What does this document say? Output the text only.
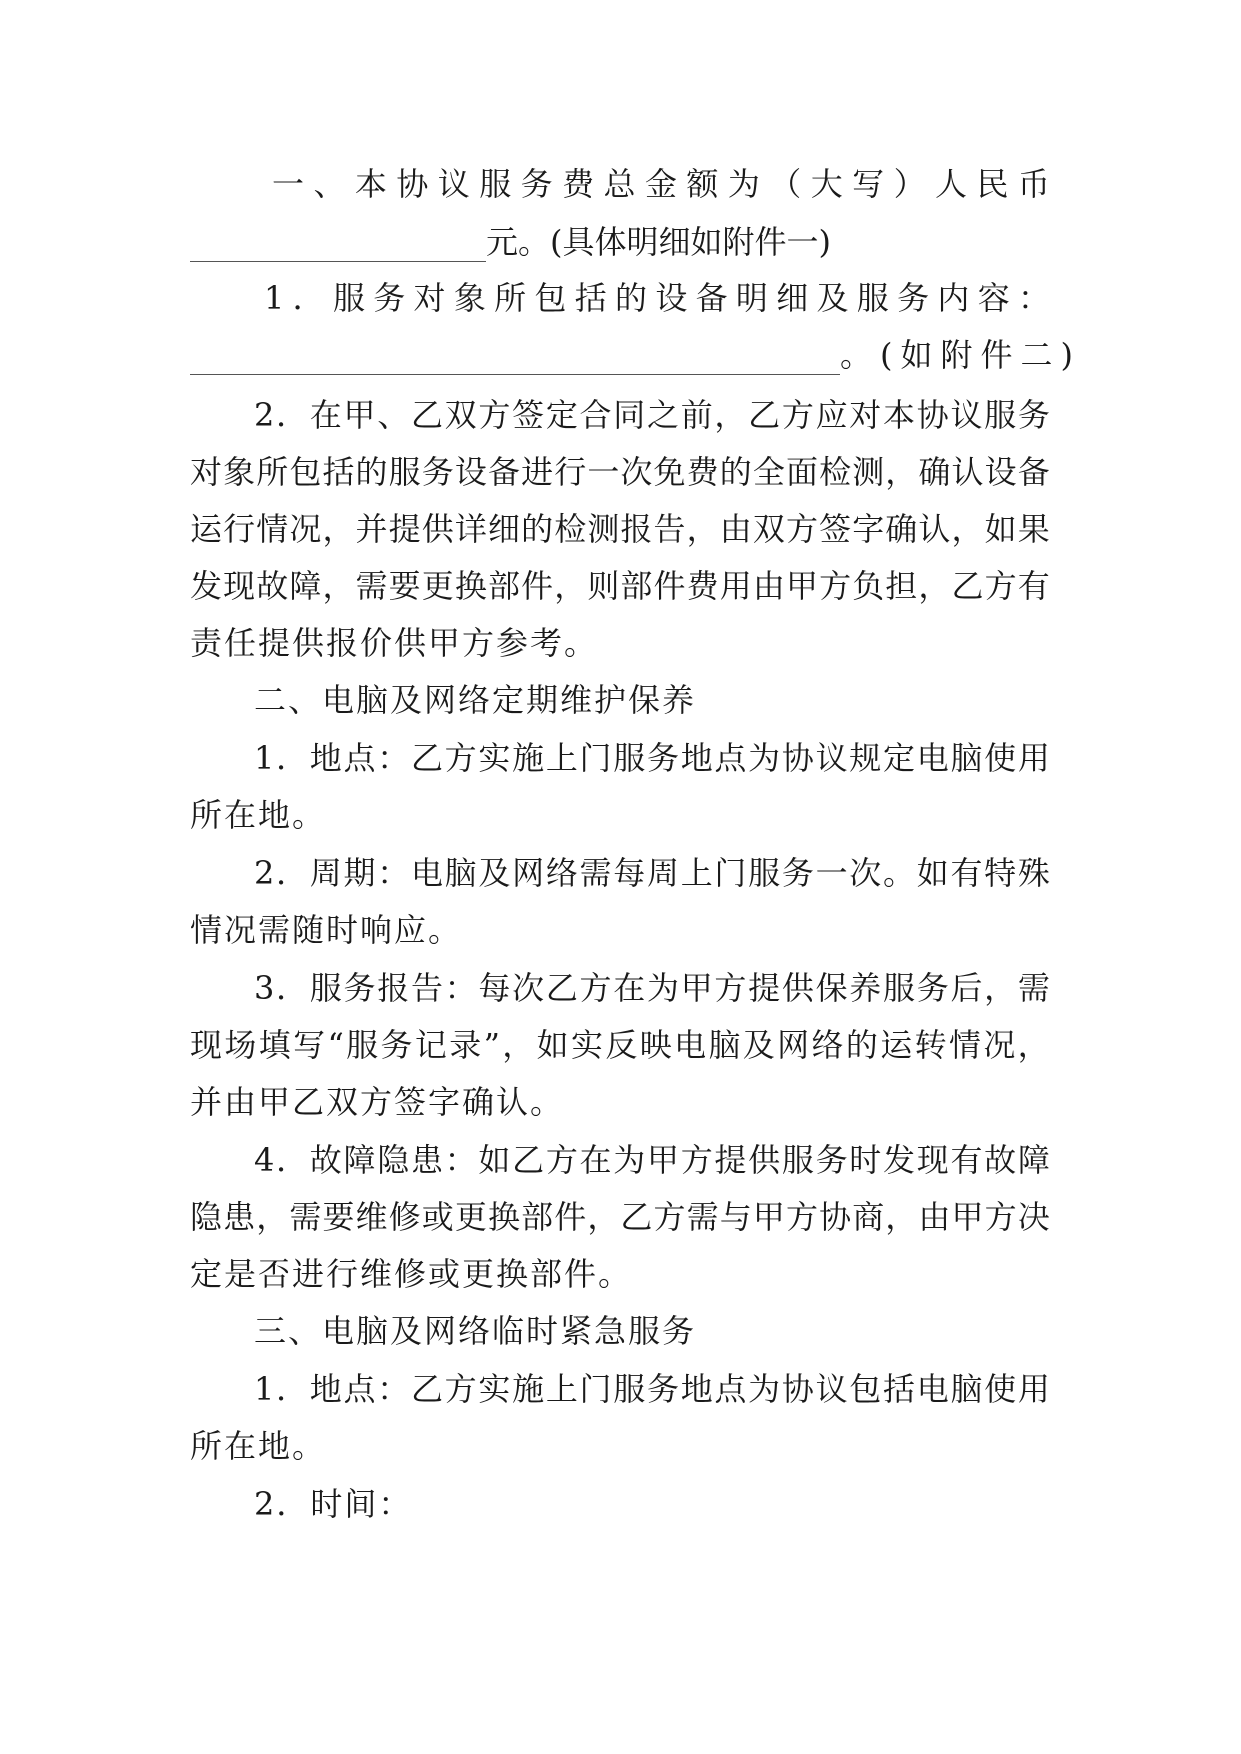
一 、 本 协 议 服 务 费 总 金 额 为 （ 大 写 ） 人 民 币
元。(具体明细如附件一)
1 ． 服 务 对 象 所 包 括 的 设 备 明 细 及 服 务 内 容 ：
。(如附件二)
2 ． 在 甲 、 乙 双 方 签 定 合 同 之 前 ， 乙 方 应 对 本 协 议 服 务
对 象 所 包 括 的 服 务 设 备 进 行 一 次 免 费 的 全 面 检 测 ， 确 认 设 备
运 行 情 况 ， 并 提 供 详 细 的 检 测 报 告 ， 由 双 方 签 字 确 认 ， 如 果
发 现 故 障 ， 需 要 更 换 部 件 ， 则 部 件 费 用 由 甲 方 负 担 ， 乙 方 有
责任提供报价供甲方参考。
二、电脑及网络定期维护保养
1 ． 地 点 ： 乙 方 实 施 上 门 服 务 地 点 为 协 议 规 定 电 脑 使 用
所在地。
2 ． 周 期 ： 电 脑 及 网 络 需 每 周 上 门 服 务 一 次 。 如 有 特 殊
情况需随时响应。
3 ． 服 务 报 告 ： 每 次 乙 方 在 为 甲 方 提 供 保 养 服 务 后 ， 需
现 场 填 写 “ 服 务 记 录 ” ， 如 实 反 映 电 脑 及 网 络 的 运 转 情 况 ，
并由甲乙双方签字确认。
4 ． 故 障 隐 患 ： 如 乙 方 在 为 甲 方 提 供 服 务 时 发 现 有 故 障
隐 患 ， 需 要 维 修 或 更 换 部 件 ， 乙 方 需 与 甲 方 协 商 ， 由 甲 方 决
定是否进行维修或更换部件。
三、电脑及网络临时紧急服务
1 ． 地 点 ： 乙 方 实 施 上 门 服 务 地 点 为 协 议 包 括 电 脑 使 用
所在地。
2．时间：
